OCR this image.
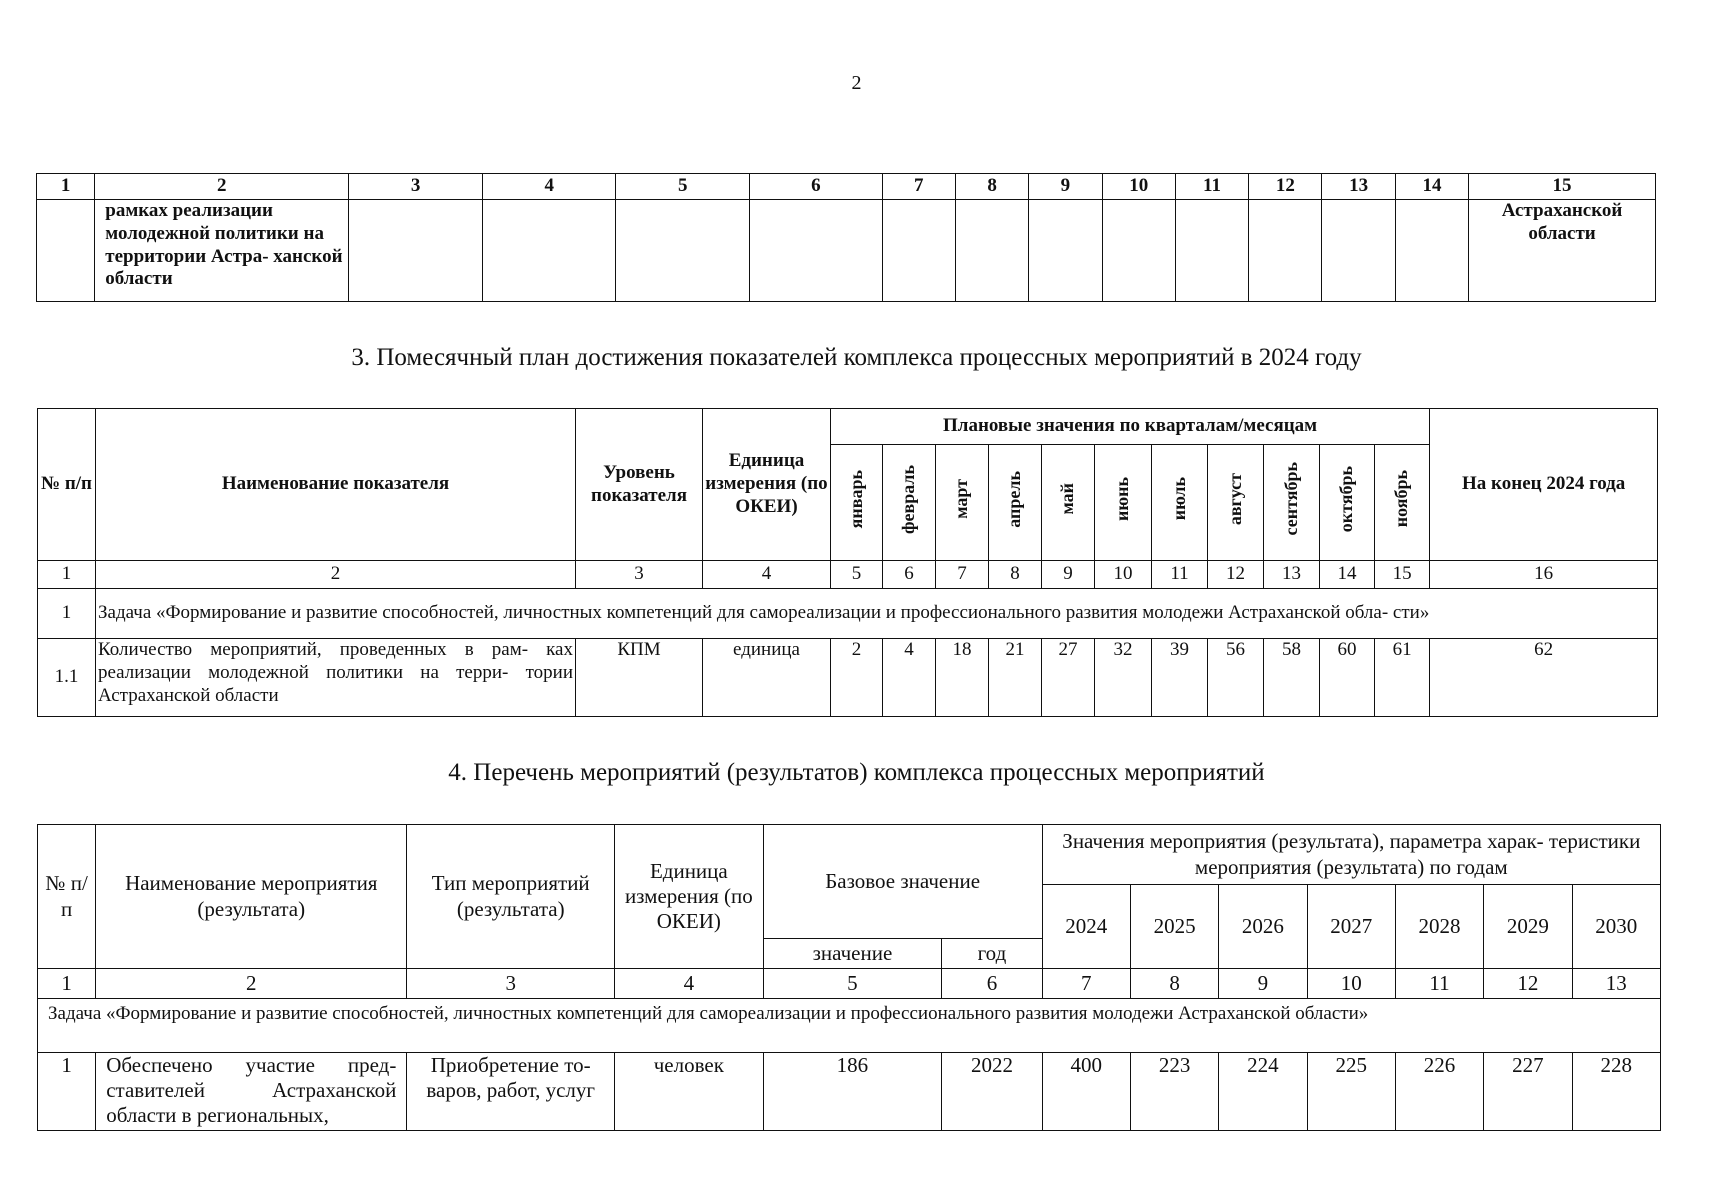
2
1	2	3	4	5	6	7	8	9	10	11	12	13	14	15
	рамках реализации молодежной политики на территории Астра- ханской области													Астраханской области
3. Помесячный план достижения показателей комплекса процессных мероприятий в 2024 году
№ п/п	Наименование показателя	Уровень показателя	Единица измерения (по ОКЕИ)	Плановые значения по кварталам/месяцам											На конец 2024 года
				январь	февраль	март	апрель	май	июнь	июль	август	сентябрь	октябрь	ноябрь	
1	2	3	4	5	6	7	8	9	10	11	12	13	14	15	16
1	Задача «Формирование и развитие способностей, личностных компетенций для самореализации и профессионального развития молодежи Астраханской обла- сти»														
1.1	Количество мероприятий, проведенных в рам- ках реализации молодежной политики на терри- тории Астраханской области	КПМ	единица	2	4	18	21	27	32	39	56	58	60	61	62
4. Перечень мероприятий (результатов) комплекса процессных мероприятий
№ п/п	Наименование мероприятия (результата)	Тип мероприятий (результата)	Единица измерения (по ОКЕИ)	Базовое значение		Значения мероприятия (результата), параметра харак- теристики мероприятия (результата) по годам						
						2024	2025	2026	2027	2028	2029	2030
				значение	год							
1	2	3	4	5	6	7	8	9	10	11	12	13
Задача «Формирование и развитие способностей, личностных компетенций для самореализации и профессионального развития молодежи Астраханской области»												
1	Обеспечено участие пред- ставителей Астраханской области в региональных,	Приобретение то- варов, работ, услуг	человек	186	2022	400	223	224	225	226	227	228
